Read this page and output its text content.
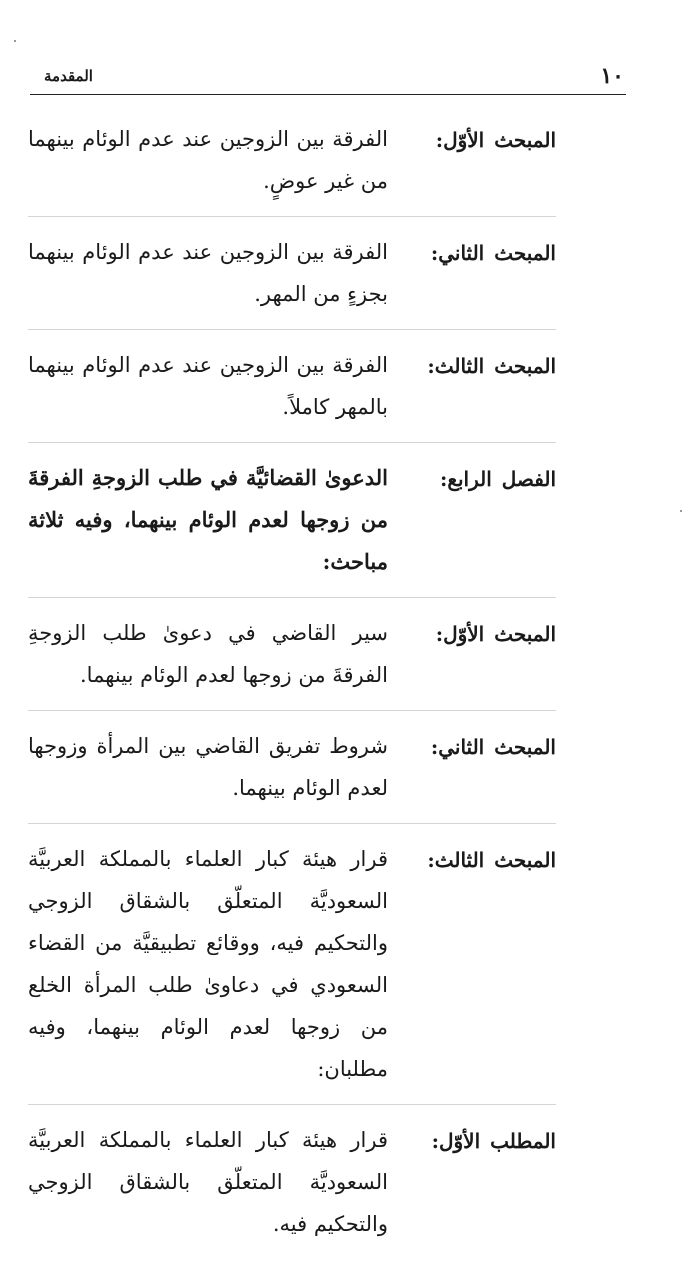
١٠
المقدمة
المبحث الأوّل:
الفرقة بين الزوجين عند عدم الوئام بينهما من غير عوضٍ.
المبحث الثاني:
الفرقة بين الزوجين عند عدم الوئام بينهما بجزءٍ من المهر.
المبحث الثالث:
الفرقة بين الزوجين عند عدم الوئام بينهما بالمهر كاملاً.
الفصل الرابع:
الدعوىٰ القضائيَّة في طلب الزوجةِ الفرقةَ من زوجها لعدم الوئام بينهما، وفيه ثلاثة مباحث:
المبحث الأوّل:
سير القاضي في دعوىٰ طلب الزوجةِ الفرقةَ من زوجها لعدم الوئام بينهما.
المبحث الثاني:
شروط تفريق القاضي بين المرأة وزوجها لعدم الوئام بينهما.
المبحث الثالث:
قرار هيئة كبار العلماء بالمملكة العربيَّة السعوديَّة المتعلّق بالشقاق الزوجي والتحكيم فيه، ووقائع تطبيقيَّة من القضاء السعودي في دعاوىٰ طلب المرأة الخلع من زوجها لعدم الوئام بينهما، وفيه مطلبان:
المطلب الأوّل:
قرار هيئة كبار العلماء بالمملكة العربيَّة السعوديَّة المتعلّق بالشقاق الزوجي والتحكيم فيه.
